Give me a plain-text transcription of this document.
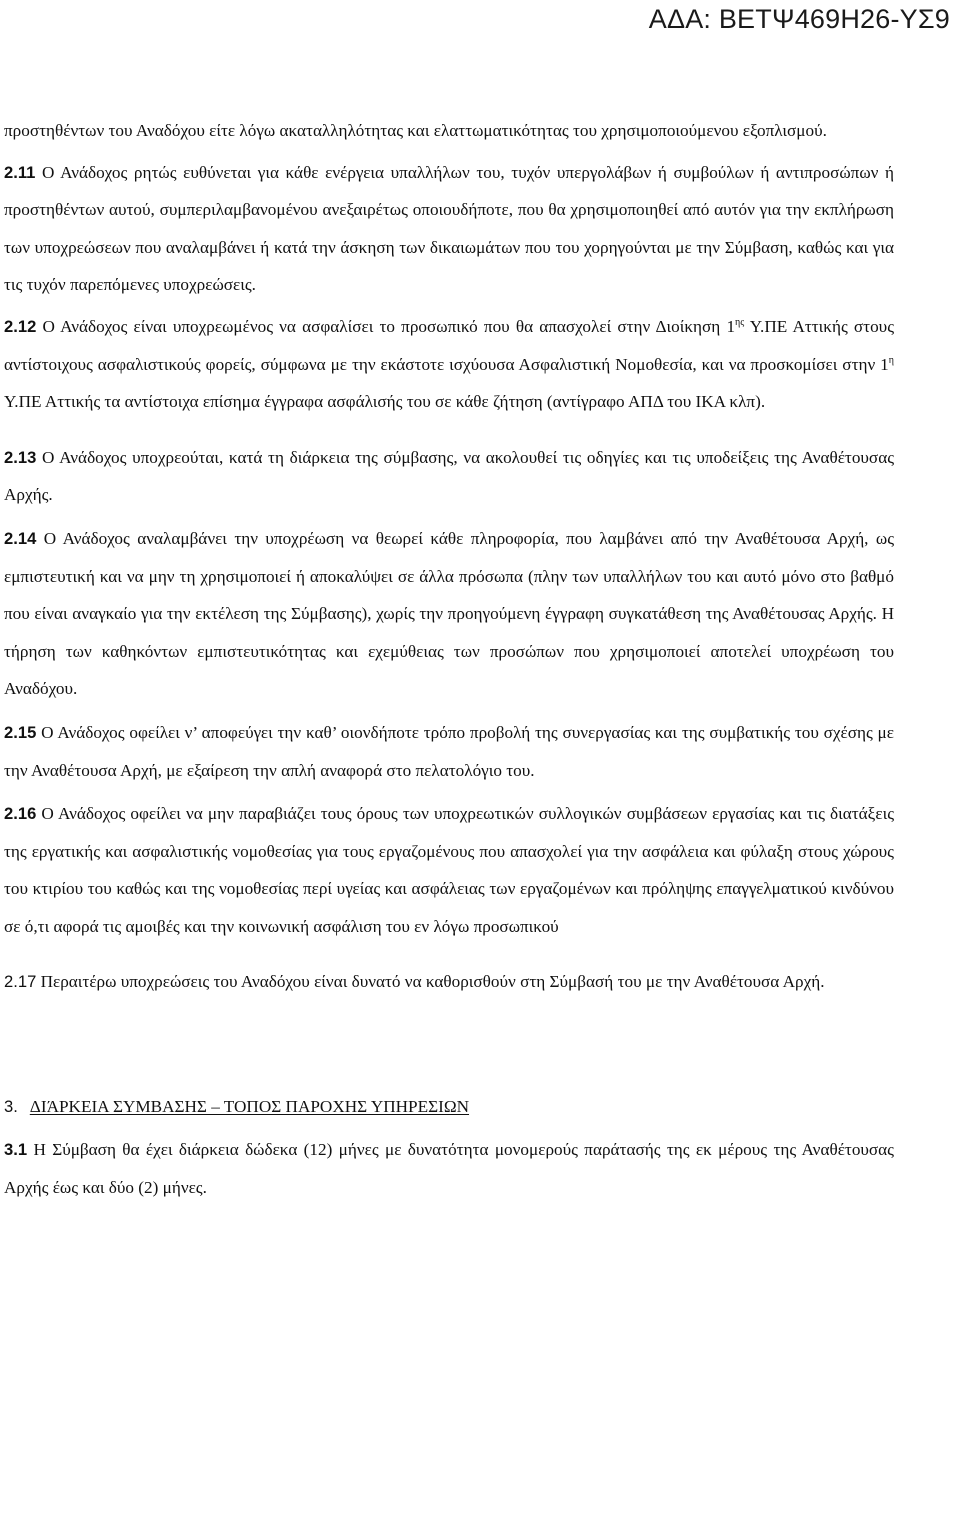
ΑΔΑ: ΒΕΤΨ469Η26-ΥΣ9

προστηθέντων του Αναδόχου είτε λόγω ακαταλληλότητας και ελαττωματικότητας του χρησιμοποιούμενου εξοπλισμού.

2.11 Ο Ανάδοχος ρητώς ευθύνεται για κάθε ενέργεια υπαλλήλων του, τυχόν υπεργολάβων ή συμβούλων ή αντιπροσώπων ή προστηθέντων αυτού, συμπεριλαμβανομένου ανεξαιρέτως οποιουδήποτε, που θα χρησιμοποιηθεί από αυτόν για την εκπλήρωση των υποχρεώσεων που αναλαμβάνει ή κατά την άσκηση των δικαιωμάτων που του χορηγούνται με την Σύμβαση, καθώς και για τις τυχόν παρεπόμενες υποχρεώσεις.

2.12 Ο Ανάδοχος είναι υποχρεωμένος να ασφαλίσει το προσωπικό που θα απασχολεί στην Διοίκηση $1^{\eta\varsigma}$ Υ.ΠΕ Αττικής στους αντίστοιχους ασφαλιστικούς φορείς, σύμφωνα με την εκάστοτε ισχύουσα Ασφαλιστική Νομοθεσία, και να προσκομίσει στην $1^\eta$ Υ.ΠΕ Αττικής τα αντίστοιχα επίσημα έγγραφα ασφάλισής του σε κάθε ζήτηση (αντίγραφο ΑΠΔ του ΙΚΑ κλπ).

2.13 Ο Ανάδοχος υποχρεούται, κατά τη διάρκεια της σύμβασης, να ακολουθεί τις οδηγίες και τις υποδείξεις της Αναθέτουσας Αρχής.

2.14 Ο Ανάδοχος αναλαμβάνει την υποχρέωση να θεωρεί κάθε πληροφορία, που λαμβάνει από την Αναθέτουσα Αρχή, ως εμπιστευτική και να μην τη χρησιμοποιεί ή αποκαλύψει σε άλλα πρόσωπα (πλην των υπαλλήλων του και αυτό μόνο στο βαθμό που είναι αναγκαίο για την εκτέλεση της Σύμβασης), χωρίς την προηγούμενη έγγραφη συγκατάθεση της Αναθέτουσας Αρχής. Η τήρηση των καθηκόντων εμπιστευτικότητας και εχεμύθειας των προσώπων που χρησιμοποιεί αποτελεί υποχρέωση του Αναδόχου.

2.15 Ο Ανάδοχος οφείλει ν’ αποφεύγει την καθ’ οιονδήποτε τρόπο προβολή της συνεργασίας και της συμβατικής του σχέσης με την Αναθέτουσα Αρχή, με εξαίρεση την απλή αναφορά στο πελατολόγιο του.

2.16 Ο Ανάδοχος οφείλει να μην παραβιάζει τους όρους των υποχρεωτικών συλλογικών συμβάσεων εργασίας και τις διατάξεις της εργατικής και ασφαλιστικής νομοθεσίας για τους εργαζομένους που απασχολεί για την ασφάλεια και φύλαξη στους χώρους του κτιρίου του καθώς και της νομοθεσίας περί υγείας και ασφάλειας των εργαζομένων και πρόληψης επαγγελματικού κινδύνου σε ό,τι αφορά τις αμοιβές και την κοινωνική ασφάλιση του εν λόγω προσωπικού

2.17 Περαιτέρω υποχρεώσεις του Αναδόχου είναι δυνατό να καθορισθούν στη Σύμβασή του με την Αναθέτουσα Αρχή.

3. ΔΙΆΡΚΕΙΑ ΣΥΜΒΑΣΗΣ – ΤΟΠΟΣ ΠΑΡΟΧΗΣ ΥΠΗΡΕΣΙΩΝ

3.1 Η Σύμβαση θα έχει διάρκεια δώδεκα (12) μήνες με δυνατότητα μονομερούς παράτασής της εκ μέρους της Αναθέτουσας Αρχής έως και δύο (2) μήνες.
